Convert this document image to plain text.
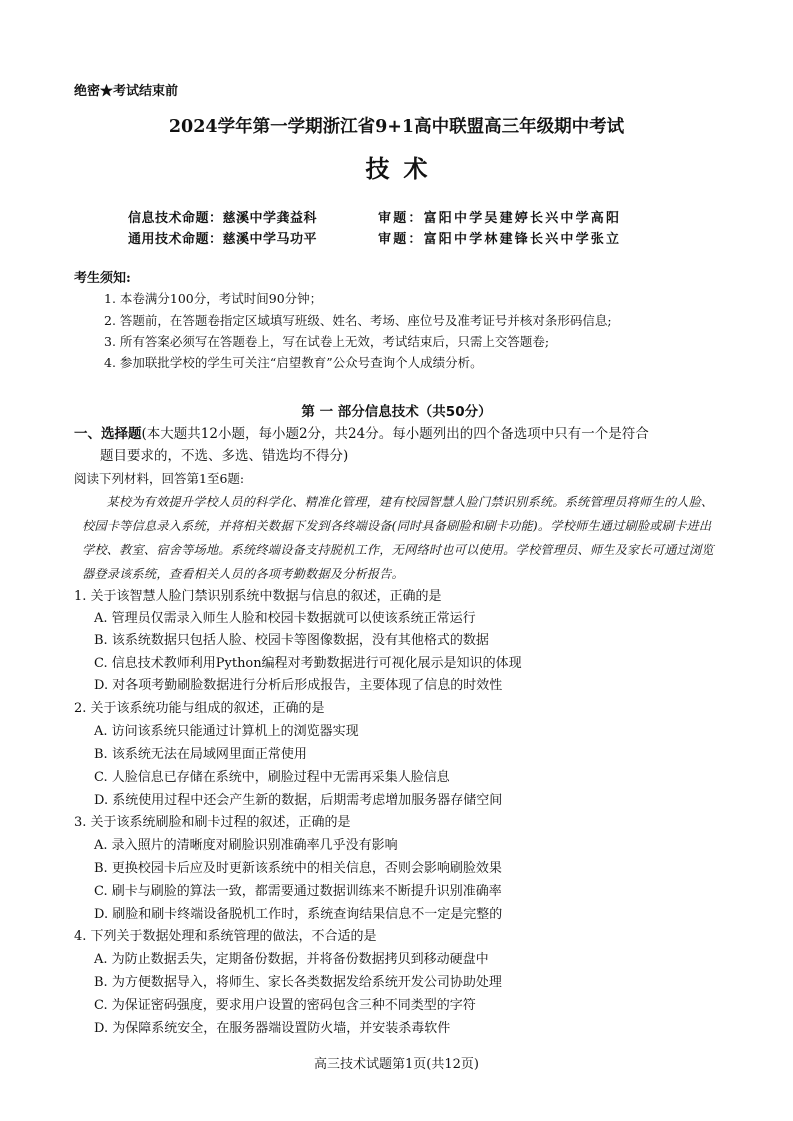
绝密★考试结束前
2024学年第一学期浙江省9+1高中联盟高三年级期中考试
技术
信息技术命题：慈溪中学龚益科	审题：富阳中学吴建婷长兴中学高阳
通用技术命题：慈溪中学马功平	审题：富阳中学林建锋长兴中学张立
考生须知:
1. 本卷满分100分，考试时间90分钟；
2. 答题前，在答题卷指定区域填写班级、姓名、考场、座位号及准考证号并核对条形码信息;
3. 所有答案必须写在答题卷上，写在试卷上无效，考试结束后，只需上交答题卷;
4. 参加联批学校的学生可关注“启望教育”公众号查询个人成绩分析。
第 一 部分信息技术（共50分）
一、选择题(本大题共12小题，每小题2分，共24分。每小题列出的四个备选项中只有一个是符合
题目要求的，不选、多选、错选均不得分)
阅读下列材料，回答第1至6题:
某校为有效提升学校人员的科学化、精准化管理，建有校园智慧人脸门禁识别系统。系统管理员将师生的人脸、校园卡等信息录入系统，并将相关数据下发到各终端设备(同时具备刷脸和刷卡功能)。学校师生通过刷脸或刷卡进出学校、教室、宿舍等场地。系统终端设备支持脱机工作，无网络时也可以使用。学校管理员、师生及家长可通过浏览器登录该系统，查看相关人员的各项考勤数据及分析报告。
1. 关于该智慧人脸门禁识别系统中数据与信息的叙述，正确的是
A. 管理员仅需录入师生人脸和校园卡数据就可以使该系统正常运行
B. 该系统数据只包括人脸、校园卡等图像数据，没有其他格式的数据
C. 信息技术教师利用Python编程对考勤数据进行可视化展示是知识的体现
D. 对各项考勤刷脸数据进行分析后形成报告，主要体现了信息的时效性
2. 关于该系统功能与组成的叙述，正确的是
A. 访问该系统只能通过计算机上的浏览器实现
B. 该系统无法在局域网里面正常使用
C. 人脸信息已存储在系统中，刷脸过程中无需再采集人脸信息
D. 系统使用过程中还会产生新的数据，后期需考虑增加服务器存储空间
3. 关于该系统刷脸和刷卡过程的叙述，正确的是
A. 录入照片的清晰度对刷脸识别准确率几乎没有影响
B. 更换校园卡后应及时更新该系统中的相关信息，否则会影响刷脸效果
C. 刷卡与刷脸的算法一致，都需要通过数据训练来不断提升识别准确率
D. 刷脸和刷卡终端设备脱机工作时，系统查询结果信息不一定是完整的
4. 下列关于数据处理和系统管理的做法，不合适的是
A. 为防止数据丢失，定期备份数据，并将备份数据拷贝到移动硬盘中
B. 为方便数据导入，将师生、家长各类数据发给系统开发公司协助处理
C. 为保证密码强度，要求用户设置的密码包含三种不同类型的字符
D. 为保障系统安全，在服务器端设置防火墙，并安装杀毒软件
高三技术试题第1页(共12页)
